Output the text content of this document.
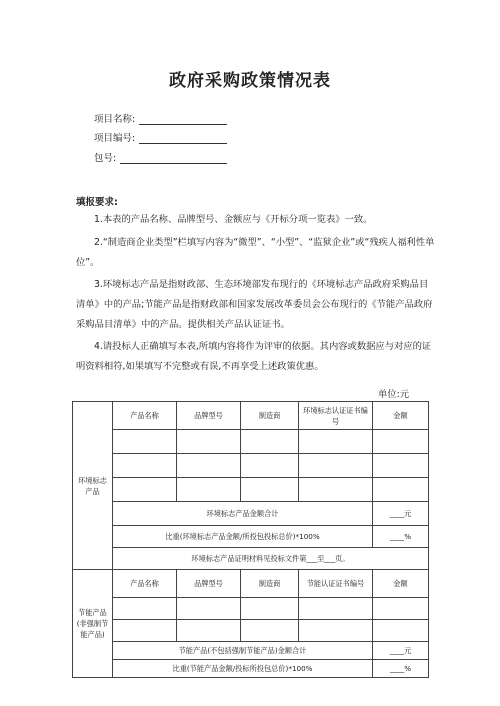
政府采购政策情况表
项目名称:
项目编号:
包号:
填报要求:
1.本表的产品名称、品牌型号、金额应与《开标分项一览表》一致。
2.“制造商企业类型”栏填写内容为“微型”、“小型”、“监狱企业”或“残疾人福利性单位”。
3.环境标志产品是指财政部、生态环境部发布现行的《环境标志产品政府采购品目清单》中的产品;节能产品是指财政部和国家发展改革委员会公布现行的《节能产品政府采购品目清单》中的产品。提供相关产品认证证书。
4.请投标人正确填写本表,所填内容将作为评审的依据。其内容或数据应与对应的证明资料相符,如果填写不完整或有误,不再享受上述政策优惠。
单位:元
环境标志产品	产品名称	品牌型号	制造商	环境标志认证证书编号	金额

	环境标志产品金额合计				____元
	比重(环境标志产品金额/所投包投标总价)*100%				____%
	环境标志产品证明材料见投标文件第___至___页。				
节能产品(非强制节能产品)	产品名称	品牌型号	制造商	节能认证证书编号	金额

	节能产品(不包括强制节能产品)金额合计				____元
	比重(节能产品金额/投标所投包总价)*100%				____%
